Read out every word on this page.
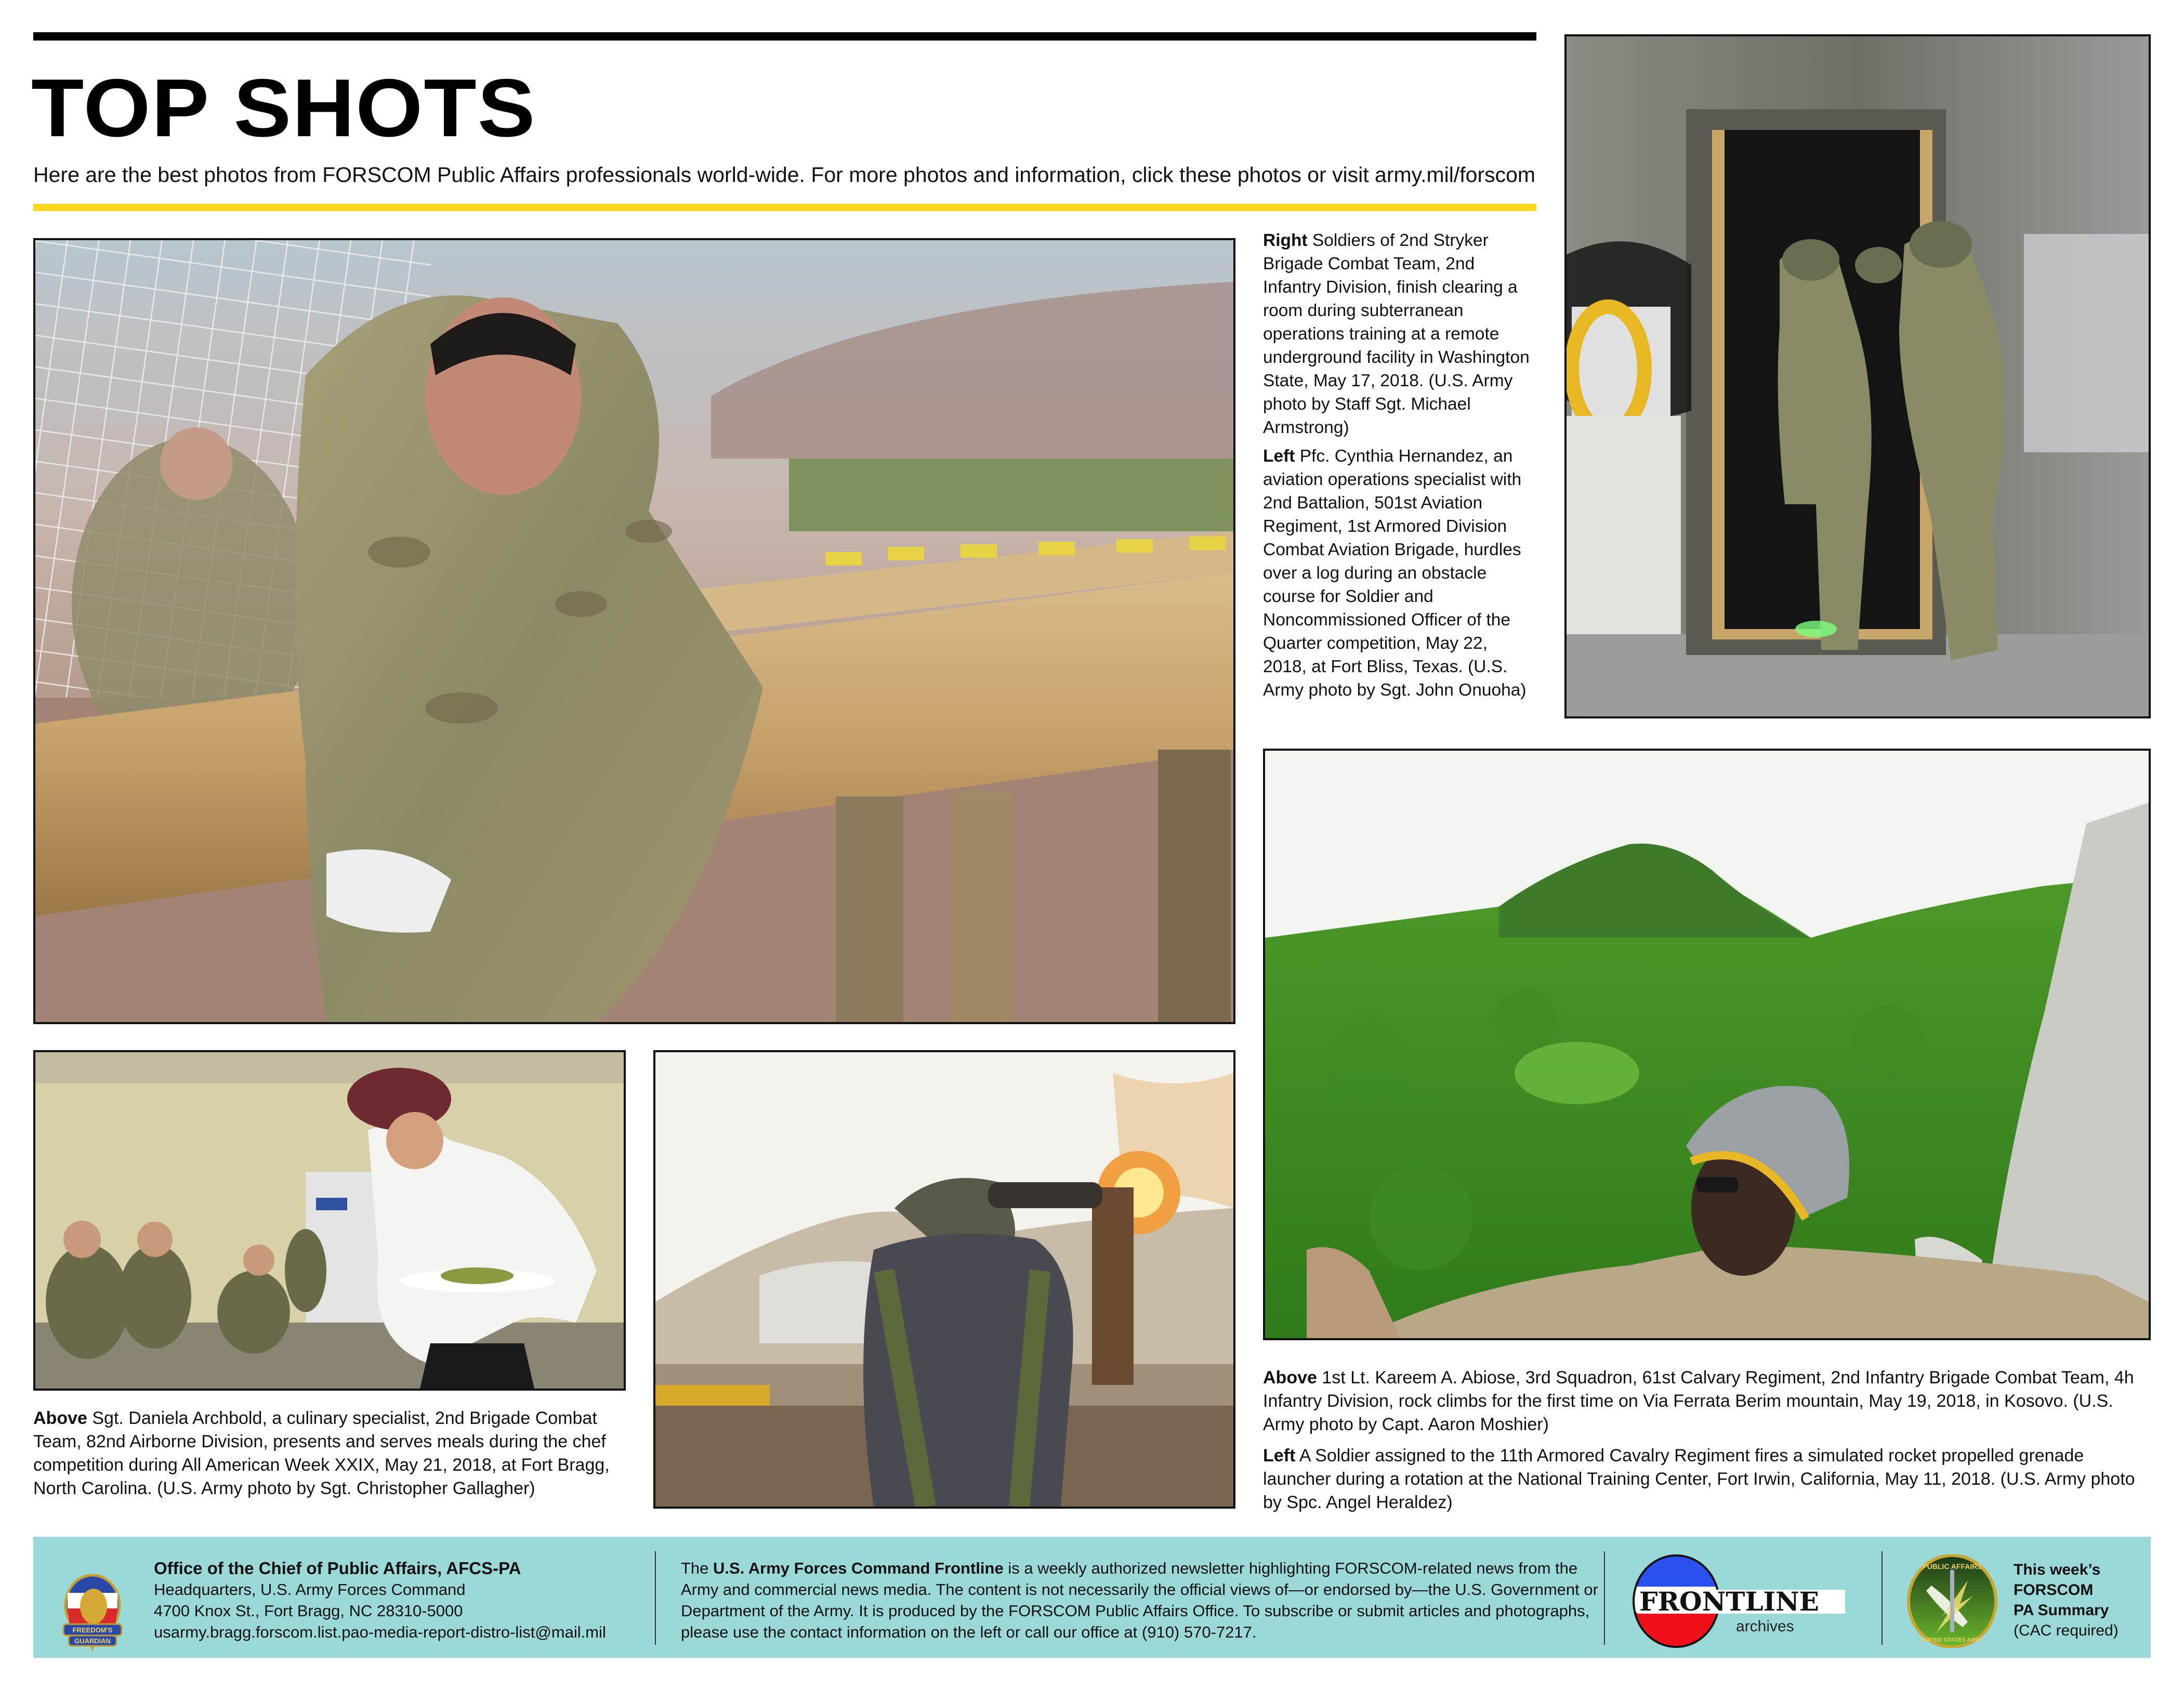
TOP SHOTS
Here are the best photos from FORSCOM Public Affairs professionals world-wide. For more photos and information, click these photos or visit army.mil/forscom
Right Soldiers of 2nd Stryker Brigade Combat Team, 2nd Infantry Division, finish clearing a room during subterranean operations training at a remote underground facility in Washington State, May 17, 2018. (U.S. Army photo by Staff Sgt. Michael Armstrong)
Left Pfc. Cynthia Hernandez, an aviation operations specialist with 2nd Battalion, 501st Aviation Regiment, 1st Armored Division Combat Aviation Brigade, hurdles over a log during an obstacle course for Soldier and Noncommissioned Officer of the Quarter competition, May 22, 2018, at Fort Bliss, Texas. (U.S. Army photo by Sgt. John Onuoha)
Above Sgt. Daniela Archbold, a culinary specialist, 2nd Brigade Combat Team, 82nd Airborne Division, presents and serves meals during the chef competition during All American Week XXIX, May 21, 2018, at Fort Bragg, North Carolina. (U.S. Army photo by Sgt. Christopher Gallagher)
Above 1st Lt. Kareem A. Abiose, 3rd Squadron, 61st Calvary Regiment, 2nd Infantry Brigade Combat Team, 4h Infantry Division, rock climbs for the first time on Via Ferrata Berim mountain, May 19, 2018, in Kosovo. (U.S. Army photo by Capt. Aaron Moshier)
Left A Soldier assigned to the 11th Armored Cavalry Regiment fires a simulated rocket propelled grenade launcher during a rotation at the National Training Center, Fort Irwin, California, May 11, 2018. (U.S. Army photo by Spc. Angel Heraldez)
FREEDOM'S
GUARDIAN
Office of the Chief of Public Affairs, AFCS-PA
Headquarters, U.S. Army Forces Command
4700 Knox St., Fort Bragg, NC 28310-5000
usarmy.bragg.forscom.list.pao-media-report-distro-list@mail.mil
The U.S. Army Forces Command Frontline is a weekly authorized newsletter highlighting FORSCOM-related news from the Army and commercial news media. The content is not necessarily the official views of—or endorsed by—the U.S. Government or Department of the Army. It is produced by the FORSCOM Public Affairs Office. To subscribe or submit articles and photographs, please use the contact information on the left or call our office at (910) 570-7217.
FRONTLINE
archives
PUBLIC AFFAIRS
UNITED STATES ARMY
This week’s
FORSCOM
PA Summary
(CAC required)
